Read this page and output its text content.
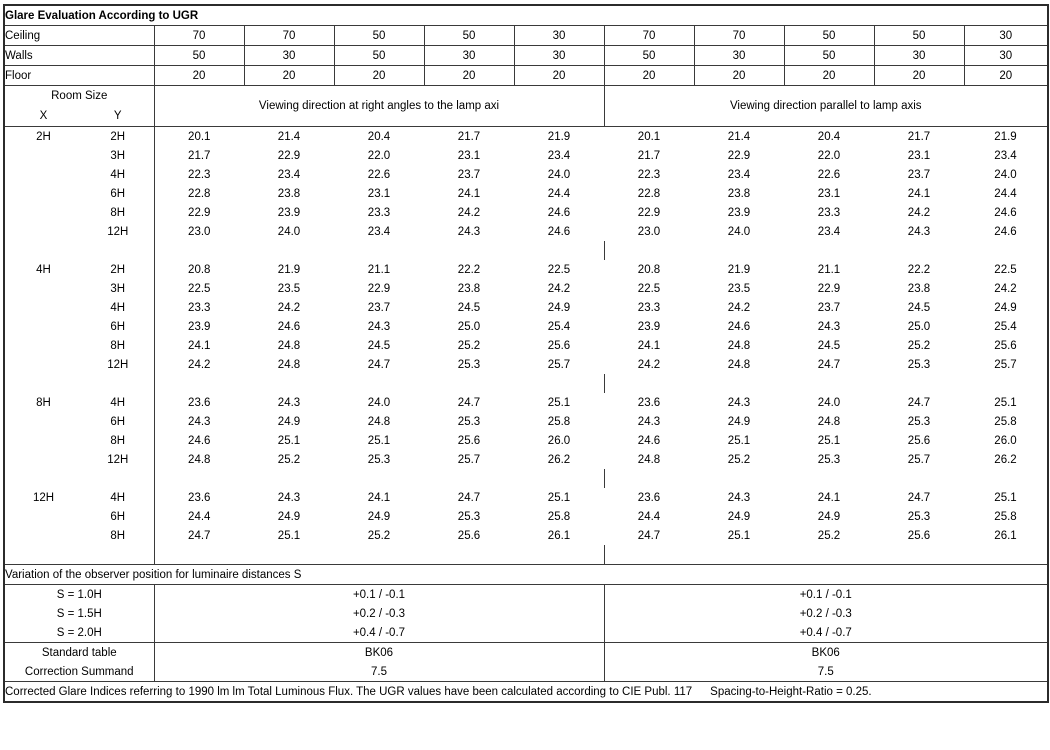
Glare Evaluation According to UGR											
Ceiling		70	70	50	50	30	70	70	50	50	30
Walls		50	30	50	30	30	50	30	50	30	30
Floor		20	20	20	20	20	20	20	20	20	20
Room Size		Viewing direction at right angles to the lamp axi					Viewing direction parallel to lamp axis				
X	Y										
2H	2H	20.1	21.4	20.4	21.7	21.9	20.1	21.4	20.4	21.7	21.9
	3H	21.7	22.9	22.0	23.1	23.4	21.7	22.9	22.0	23.1	23.4
	4H	22.3	23.4	22.6	23.7	24.0	22.3	23.4	22.6	23.7	24.0
	6H	22.8	23.8	23.1	24.1	24.4	22.8	23.8	23.1	24.1	24.4
	8H	22.9	23.9	23.3	24.2	24.6	22.9	23.9	23.3	24.2	24.6
	12H	23.0	24.0	23.4	24.3	24.6	23.0	24.0	23.4	24.3	24.6

4H	2H	20.8	21.9	21.1	22.2	22.5	20.8	21.9	21.1	22.2	22.5
	3H	22.5	23.5	22.9	23.8	24.2	22.5	23.5	22.9	23.8	24.2
	4H	23.3	24.2	23.7	24.5	24.9	23.3	24.2	23.7	24.5	24.9
	6H	23.9	24.6	24.3	25.0	25.4	23.9	24.6	24.3	25.0	25.4
	8H	24.1	24.8	24.5	25.2	25.6	24.1	24.8	24.5	25.2	25.6
	12H	24.2	24.8	24.7	25.3	25.7	24.2	24.8	24.7	25.3	25.7

8H	4H	23.6	24.3	24.0	24.7	25.1	23.6	24.3	24.0	24.7	25.1
	6H	24.3	24.9	24.8	25.3	25.8	24.3	24.9	24.8	25.3	25.8
	8H	24.6	25.1	25.1	25.6	26.0	24.6	25.1	25.1	25.6	26.0
	12H	24.8	25.2	25.3	25.7	26.2	24.8	25.2	25.3	25.7	26.2

12H	4H	23.6	24.3	24.1	24.7	25.1	23.6	24.3	24.1	24.7	25.1
	6H	24.4	24.9	24.9	25.3	25.8	24.4	24.9	24.9	25.3	25.8
	8H	24.7	25.1	25.2	25.6	26.1	24.7	25.1	25.2	25.6	26.1

Variation of the observer position for luminaire distances S											
S = 1.0H		+0.1 / -0.1					+0.1 / -0.1				
S = 1.5H		+0.2 / -0.3					+0.2 / -0.3				
S = 2.0H		+0.4 / -0.7					+0.4 / -0.7				
Standard table		BK06					BK06				
Correction Summand		7.5					7.5				
Corrected Glare Indices referring to 1990 lm lm Total Luminous Flux. The UGR values have been calculated according to CIE Publ. 117 Spacing-to-Height-Ratio = 0.25.											
